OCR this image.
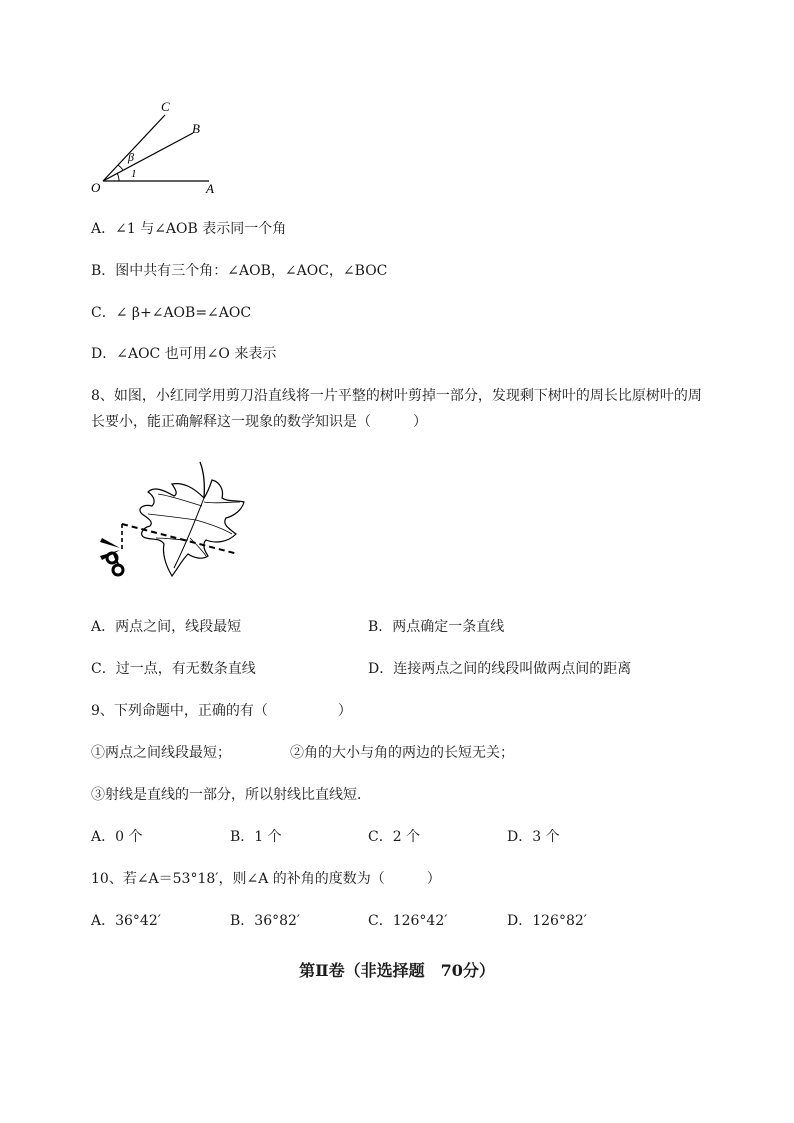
C
B
O	A
β
1
A．∠1 与∠AOB 表示同一个角
B．图中共有三个角：∠AOB，∠AOC，∠BOC
C．∠ β+∠AOB=∠AOC
D．∠AOC 也可用∠O 来表示
8、如图，小红同学用剪刀沿直线将一片平整的树叶剪掉一部分，发现剩下树叶的周长比原树叶的周
长要小，能正确解释这一现象的数学知识是（　　　）
A．两点之间，线段最短	B．两点确定一条直线
C．过一点，有无数条直线	D．连接两点之间的线段叫做两点间的距离
9、下列命题中，正确的有（　　　　　）
①两点之间线段最短；	②角的大小与角的两边的长短无关；
③射线是直线的一部分，所以射线比直线短．
A．0 个	B．1 个	C．2 个	D．3 个
10、若∠A＝53°18′，则∠A 的补角的度数为（　　　）
A．36°42′	B．36°82′	C．126°42′	D．126°82′
第Ⅱ卷（非选择题　70分）
